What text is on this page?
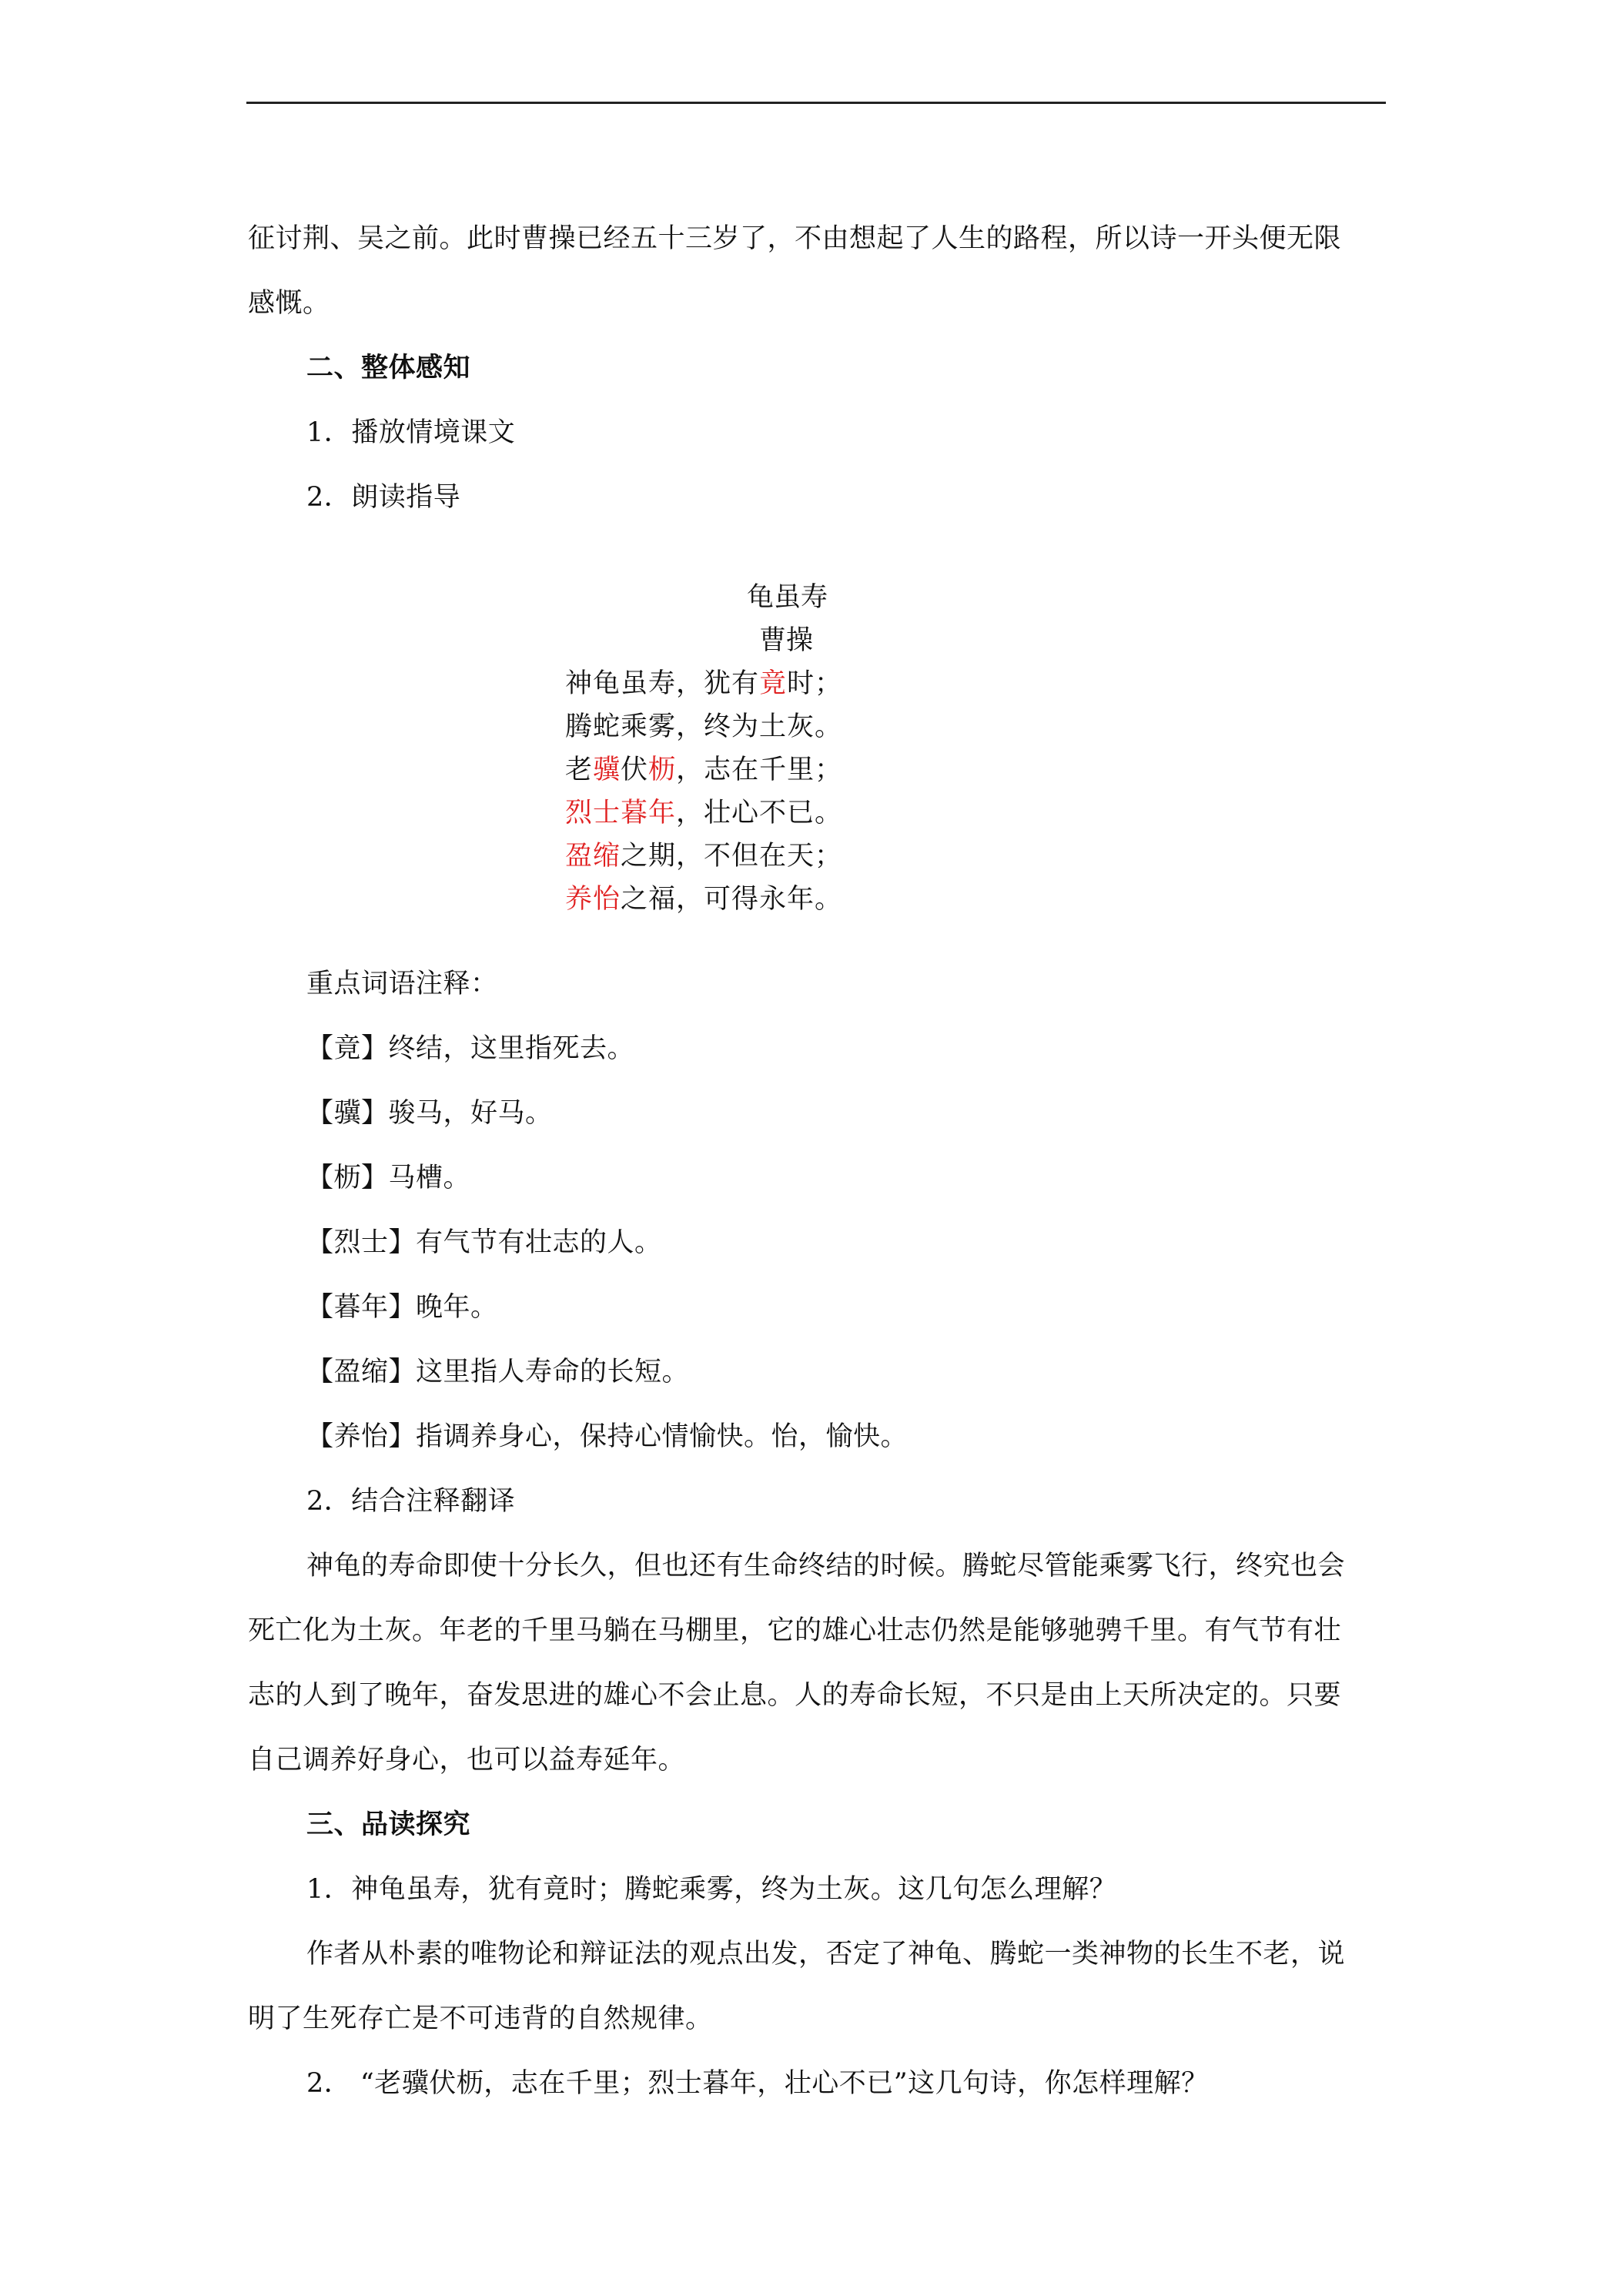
征讨荆、吴之前。此时曹操已经五十三岁了，不由想起了人生的路程，所以诗一开头便无限

感慨。

二、整体感知

1．播放情境课文

2．朗读指导

龟虽寿
曹操
神龟虽寿，犹有竟时；
腾蛇乘雾，终为土灰。
老骥伏枥，志在千里；
烈士暮年，壮心不已。
盈缩之期，不但在天；
养怡之福，可得永年。

重点词语注释：

【竟】终结，这里指死去。

【骥】骏马，好马。

【枥】马槽。

【烈士】有气节有壮志的人。

【暮年】晚年。

【盈缩】这里指人寿命的长短。

【养怡】指调养身心，保持心情愉快。怡，愉快。

2．结合注释翻译

神龟的寿命即使十分长久，但也还有生命终结的时候。腾蛇尽管能乘雾飞行，终究也会

死亡化为土灰。年老的千里马躺在马棚里，它的雄心壮志仍然是能够驰骋千里。有气节有壮

志的人到了晚年，奋发思进的雄心不会止息。人的寿命长短，不只是由上天所决定的。只要

自己调养好身心，也可以益寿延年。

三、品读探究

1．神龟虽寿，犹有竟时；腾蛇乘雾，终为土灰。这几句怎么理解？

作者从朴素的唯物论和辩证法的观点出发，否定了神龟、腾蛇一类神物的长生不老，说

明了生死存亡是不可违背的自然规律。

2． “老骥伏枥，志在千里；烈士暮年，壮心不已”这几句诗，你怎样理解？
